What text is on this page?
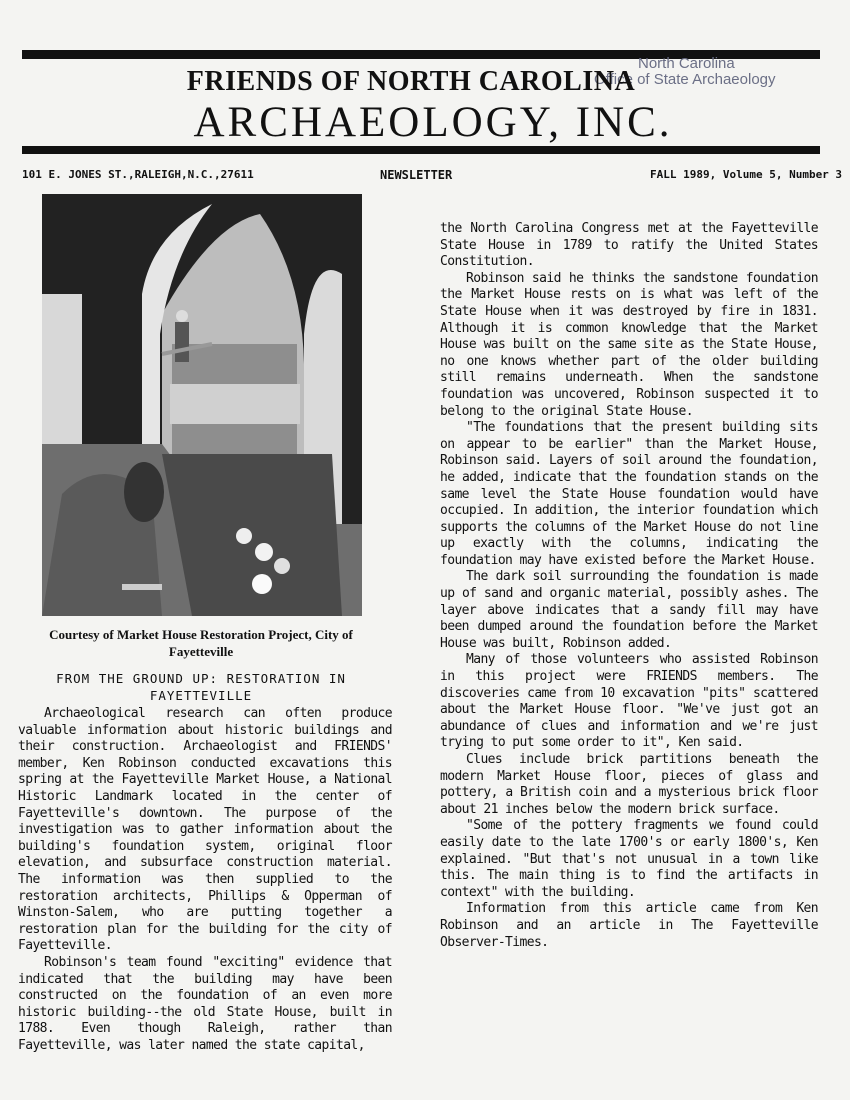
North Carolina
Office of State Archaeology
FRIENDS OF NORTH CAROLINA
ARCHAEOLOGY, INC.
101 E. JONES ST.,RALEIGH,N.C.,27611	NEWSLETTER	FALL 1989, Volume 5, Number 3
Courtesy of Market House Restoration Project, City of Fayetteville
FROM THE GROUND UP: RESTORATION IN FAYETTEVILLE

Archaeological research can often produce valuable information about historic buildings and their construction. Archaeologist and FRIENDS' member, Ken Robinson conducted excavations this spring at the Fayetteville Market House, a National Historic Landmark located in the center of Fayetteville's downtown. The purpose of the investigation was to gather information about the building's foundation system, original floor elevation, and subsurface construction material. The information was then supplied to the restoration architects, Phillips & Opperman of Winston-Salem, who are putting together a restoration plan for the building for the city of Fayetteville.

Robinson's team found "exciting" evidence that indicated that the building may have been constructed on the foundation of an even more historic building--the old State House, built in 1788. Even though Raleigh, rather than Fayetteville, was later named the state capital,

the North Carolina Congress met at the Fayetteville State House in 1789 to ratify the United States Constitution.

Robinson said he thinks the sandstone foundation the Market House rests on is what was left of the State House when it was destroyed by fire in 1831. Although it is common knowledge that the Market House was built on the same site as the State House, no one knows whether part of the older building still remains underneath. When the sandstone foundation was uncovered, Robinson suspected it to belong to the original State House.

"The foundations that the present building sits on appear to be earlier" than the Market House, Robinson said. Layers of soil around the foundation, he added, indicate that the foundation stands on the same level the State House foundation would have occupied. In addition, the interior foundation which supports the columns of the Market House do not line up exactly with the columns, indicating the foundation may have existed before the Market House.

The dark soil surrounding the foundation is made up of sand and organic material, possibly ashes. The layer above indicates that a sandy fill may have been dumped around the foundation before the Market House was built, Robinson added.

Many of those volunteers who assisted Robinson in this project were FRIENDS members. The discoveries came from 10 excavation "pits" scattered about the Market House floor. "We've just got an abundance of clues and information and we're just trying to put some order to it", Ken said.

Clues include brick partitions beneath the modern Market House floor, pieces of glass and pottery, a British coin and a mysterious brick floor about 21 inches below the modern brick surface.

"Some of the pottery fragments we found could easily date to the late 1700's or early 1800's, Ken explained. "But that's not unusual in a town like this. The main thing is to find the artifacts in context" with the building.

Information from this article came from Ken Robinson and an article in The Fayetteville Observer-Times.
